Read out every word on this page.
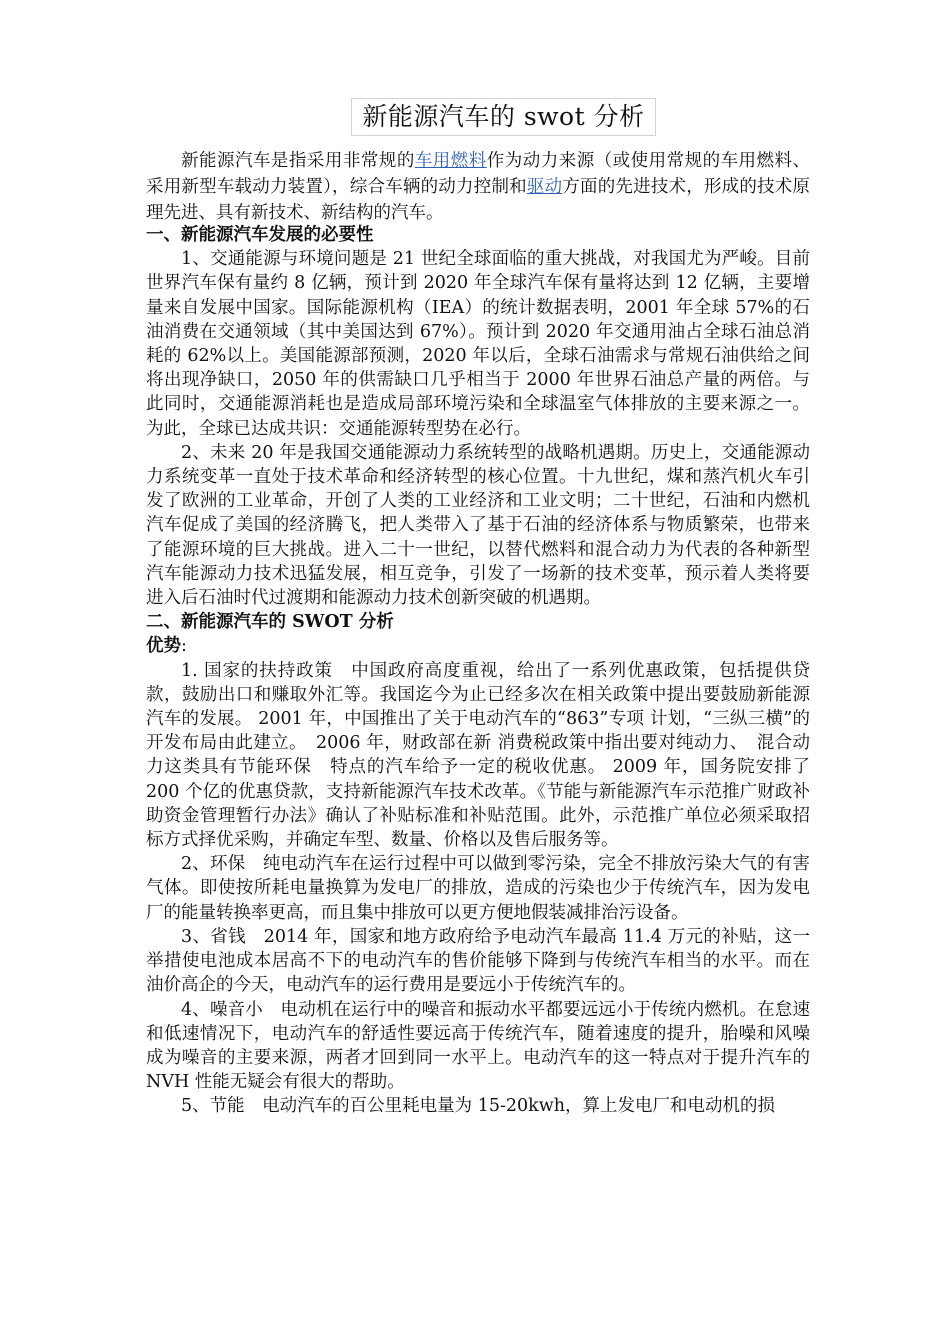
新能源汽车的 swot 分析

新能源汽车是指采用非常规的车用燃料作为动力来源（或使用常规的车用燃料、采用新型车载动力装置），综合车辆的动力控制和驱动方面的先进技术，形成的技术原理先进、具有新技术、新结构的汽车。

一、新能源汽车发展的必要性

1、交通能源与环境问题是 21 世纪全球面临的重大挑战，对我国尤为严峻。目前世界汽车保有量约 8 亿辆，预计到 2020 年全球汽车保有量将达到 12 亿辆，主要增量来自发展中国家。国际能源机构（IEA）的统计数据表明，2001 年全球 57%的石油消费在交通领域（其中美国达到 67%）。预计到 2020 年交通用油占全球石油总消耗的 62%以上。美国能源部预测，2020 年以后，全球石油需求与常规石油供给之间将出现净缺口，2050 年的供需缺口几乎相当于 2000 年世界石油总产量的两倍。与此同时，交通能源消耗也是造成局部环境污染和全球温室气体排放的主要来源之一。为此，全球已达成共识：交通能源转型势在必行。

2、未来 20 年是我国交通能源动力系统转型的战略机遇期。历史上，交通能源动力系统变革一直处于技术革命和经济转型的核心位置。十九世纪，煤和蒸汽机火车引发了欧洲的工业革命，开创了人类的工业经济和工业文明；二十世纪，石油和内燃机汽车促成了美国的经济腾飞，把人类带入了基于石油的经济体系与物质繁荣，也带来了能源环境的巨大挑战。进入二十一世纪，以替代燃料和混合动力为代表的各种新型汽车能源动力技术迅猛发展，相互竞争，引发了一场新的技术变革，预示着人类将要进入后石油时代过渡期和能源动力技术创新突破的机遇期。

二、新能源汽车的 SWOT 分析

优势:

1. 国家的扶持政策　中国政府高度重视，给出了一系列优惠政策，包括提供贷款，鼓励出口和赚取外汇等。我国迄今为止已经多次在相关政策中提出要鼓励新能源 汽车的发展。 2001 年，中国推出了关于电动汽车的“863”专项 计划，“三纵三横”的开发布局由此建立。　2006 年，财政部在新 消费税政策中指出要对纯动力、　混合动力这类具有节能环保　特点的汽车给予一定的税收优惠。 2009 年，国务院安排了 200 个亿的优惠贷款，支持新能源汽车技术改革。《节能与新能源汽车示范推广财政补助资金管理暂行办法》确认了补贴标准和补贴范围。此外，示范推广单位必须采取招标方式择优采购，并确定车型、数量、价格以及售后服务等。

2、环保　纯电动汽车在运行过程中可以做到零污染，完全不排放污染大气的有害气体。即使按所耗电量换算为发电厂的排放，造成的污染也少于传统汽车，因为发电厂的能量转换率更高，而且集中排放可以更方便地假装减排治污设备。

3、省钱　2014 年，国家和地方政府给予电动汽车最高 11.4 万元的补贴，这一举措使电池成本居高不下的电动汽车的售价能够下降到与传统汽车相当的水平。而在油价高企的今天，电动汽车的运行费用是要远小于传统汽车的。

4、噪音小　电动机在运行中的噪音和振动水平都要远远小于传统内燃机。在怠速和低速情况下，电动汽车的舒适性要远高于传统汽车，随着速度的提升，胎噪和风噪成为噪音的主要来源，两者才回到同一水平上。电动汽车的这一特点对于提升汽车的 NVH 性能无疑会有很大的帮助。

5、节能　电动汽车的百公里耗电量为 15-20kwh，算上发电厂和电动机的损
